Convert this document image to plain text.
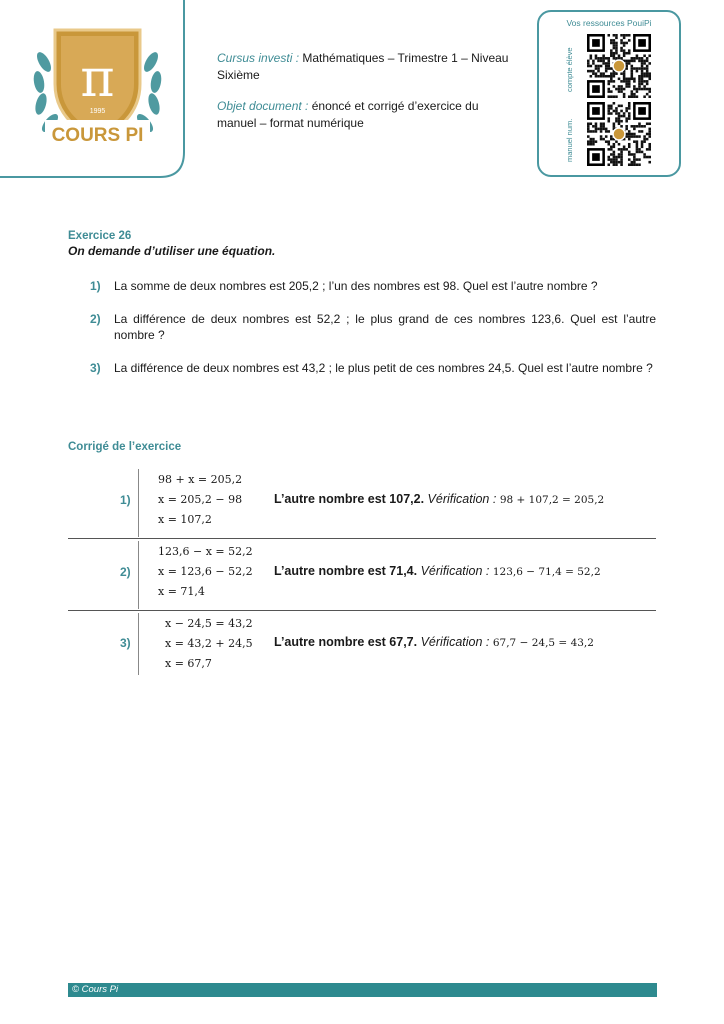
π
1995
COURS PI

Cursus investi : Mathématiques – Trimestre 1 – Niveau Sixième

Objet document : énoncé et corrigé d’exercice du manuel – format numérique

Vos ressources PouiPi
compte élève
manuel num.

Exercice 26

On demande d’utiliser une équation.

1) La somme de deux nombres est 205,2 ; l’un des nombres est 98. Quel est l’autre nombre ?
2) La différence de deux nombres est 52,2 ; le plus grand de ces nombres 123,6. Quel est l’autre nombre ?
3) La différence de deux nombres est 43,2 ; le plus petit de ces nombres 24,5. Quel est l’autre nombre ?
Corrigé de l’exercice
1)
98 + x = 205,2
x = 205,2 − 98
x = 107,2
L’autre nombre est 107,2. Vérification : 98 + 107,2 = 205,2
2)
123,6 − x = 52,2
x = 123,6 − 52,2
x = 71,4
L’autre nombre est 71,4. Vérification : 123,6 − 71,4 = 52,2
3)
x − 24,5 = 43,2
x = 43,2 + 24,5
x = 67,7
L’autre nombre est 67,7. Vérification : 67,7 − 24,5 = 43,2
© Cours Pi
